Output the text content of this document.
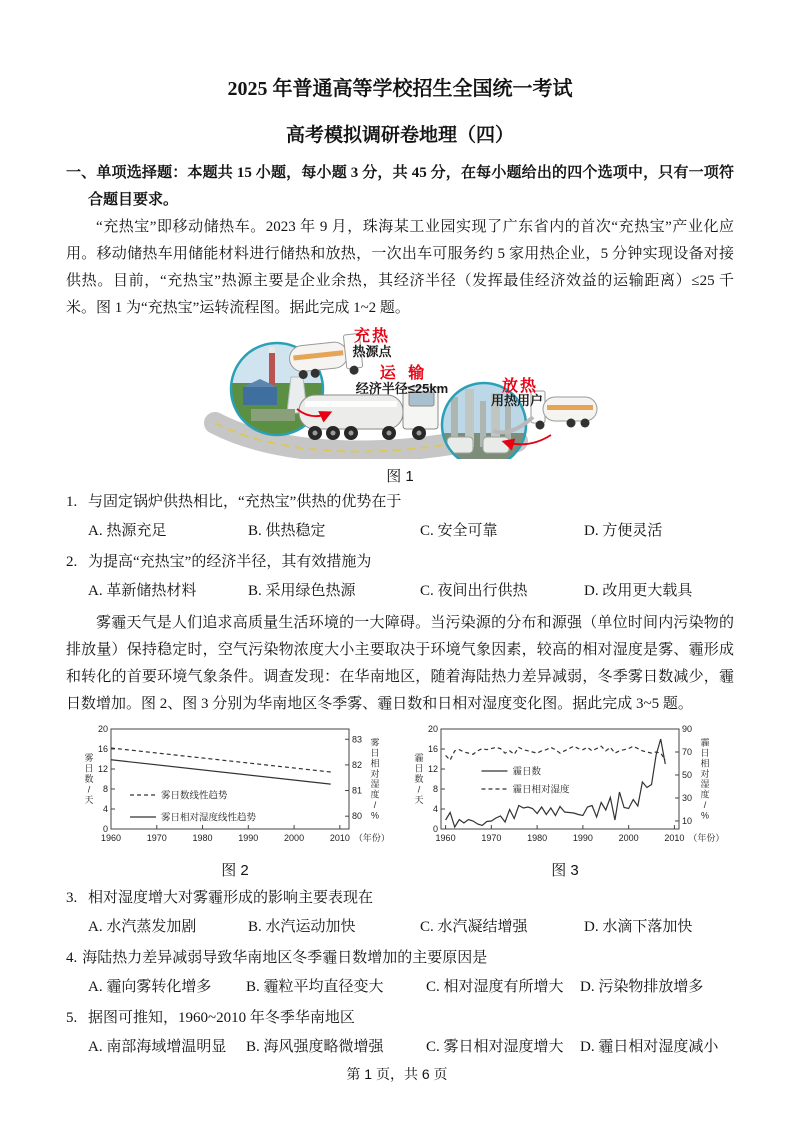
2025 年普通高等学校招生全国统一考试
高考模拟调研卷地理（四）
一、单项选择题：本题共 15 小题，每小题 3 分，共 45 分，在每小题给出的四个选项中，只有一项符合题目要求。

“充热宝”即移动储热车。2023 年 9 月，珠海某工业园实现了广东省内的首次“充热宝”产业化应用。移动储热车用储能材料进行储热和放热，一次出车可服务约 5 家用热企业，5 分钟实现设备对接供热。目前，“充热宝”热源主要是企业余热，其经济半径（发挥最佳经济效益的运输距离）≤25 千米。图 1 为“充热宝”运转流程图。据此完成 1~2 题。

充热
热源点
运 输
经济半径≤25km	放热
用热用户
图 1
1. 与固定锅炉供热相比，“充热宝”供热的优势在于
A. 热源充足	B. 供热稳定	C. 安全可靠	D. 方便灵活
2. 为提高“充热宝”的经济半径，其有效措施为
A. 革新储热材料	B. 采用绿色热源	C. 夜间出行供热	D. 改用更大载具

雾霾天气是人们追求高质量生活环境的一大障碍。当污染源的分布和源强（单位时间内污染物的排放量）保持稳定时，空气污染物浓度大小主要取决于环境气象因素，较高的相对湿度是雾、霾形成和转化的首要环境气象条件。调查发现：在华南地区，随着海陆热力差异减弱，冬季雾日数减少，霾日数增加。图 2、图 3 分别为华南地区冬季雾、霾日数和日相对湿度变化图。据此完成 3~5 题。

0
4
8
12
16
20
80
81
82
83
1960	1970	1980	1990	2000	2010 （年份）
雾
日
数
/
天
雾
日
相
对
湿
度
/
%
雾日数线性趋势
雾日相对湿度线性趋势
图 2
0
4
8
12
16
20
10
30
50
70
90
1960	1970	1980	1990	2000	2010 （年份）
霾
日
数
/
天
霾
日
相
对
湿
度
/
%
霾日数
霾日相对湿度
图 3
3. 相对湿度增大对雾霾形成的影响主要表现在
A. 水汽蒸发加剧	B. 水汽运动加快	C. 水汽凝结增强	D. 水滴下落加快
4. 海陆热力差异减弱导致华南地区冬季霾日数增加的主要原因是
A. 霾向雾转化增多	B. 霾粒平均直径变大	C. 相对湿度有所增大	D. 污染物排放增多
5. 据图可推知，1960~2010 年冬季华南地区
A. 南部海域增温明显	B. 海风强度略微增强	C. 雾日相对湿度增大	D. 霾日相对湿度减小
第 1 页，共 6 页
